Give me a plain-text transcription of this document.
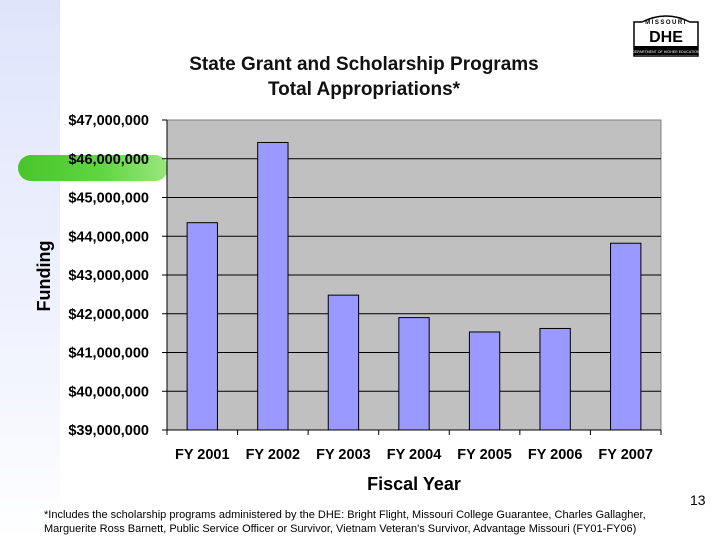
MISSOURI
DHE
DEPARTMENT OF HIGHER EDUCATION
State Grant and Scholarship Programs
Total Appropriations*
$47,000,000
$46,000,000
$45,000,000
$44,000,000
$43,000,000
$42,000,000
$41,000,000
$40,000,000
$39,000,000
FY 2001 FY 2002 FY 2003 FY 2004 FY 2005 FY 2006 FY 2007
Fiscal Year
Funding
13
*Includes the scholarship programs administered by the DHE: Bright Flight, Missouri College Guarantee, Charles Gallagher,
Marguerite Ross Barnett, Public Service Officer or Survivor, Vietnam Veteran's Survivor, Advantage Missouri (FY01-FY06)
